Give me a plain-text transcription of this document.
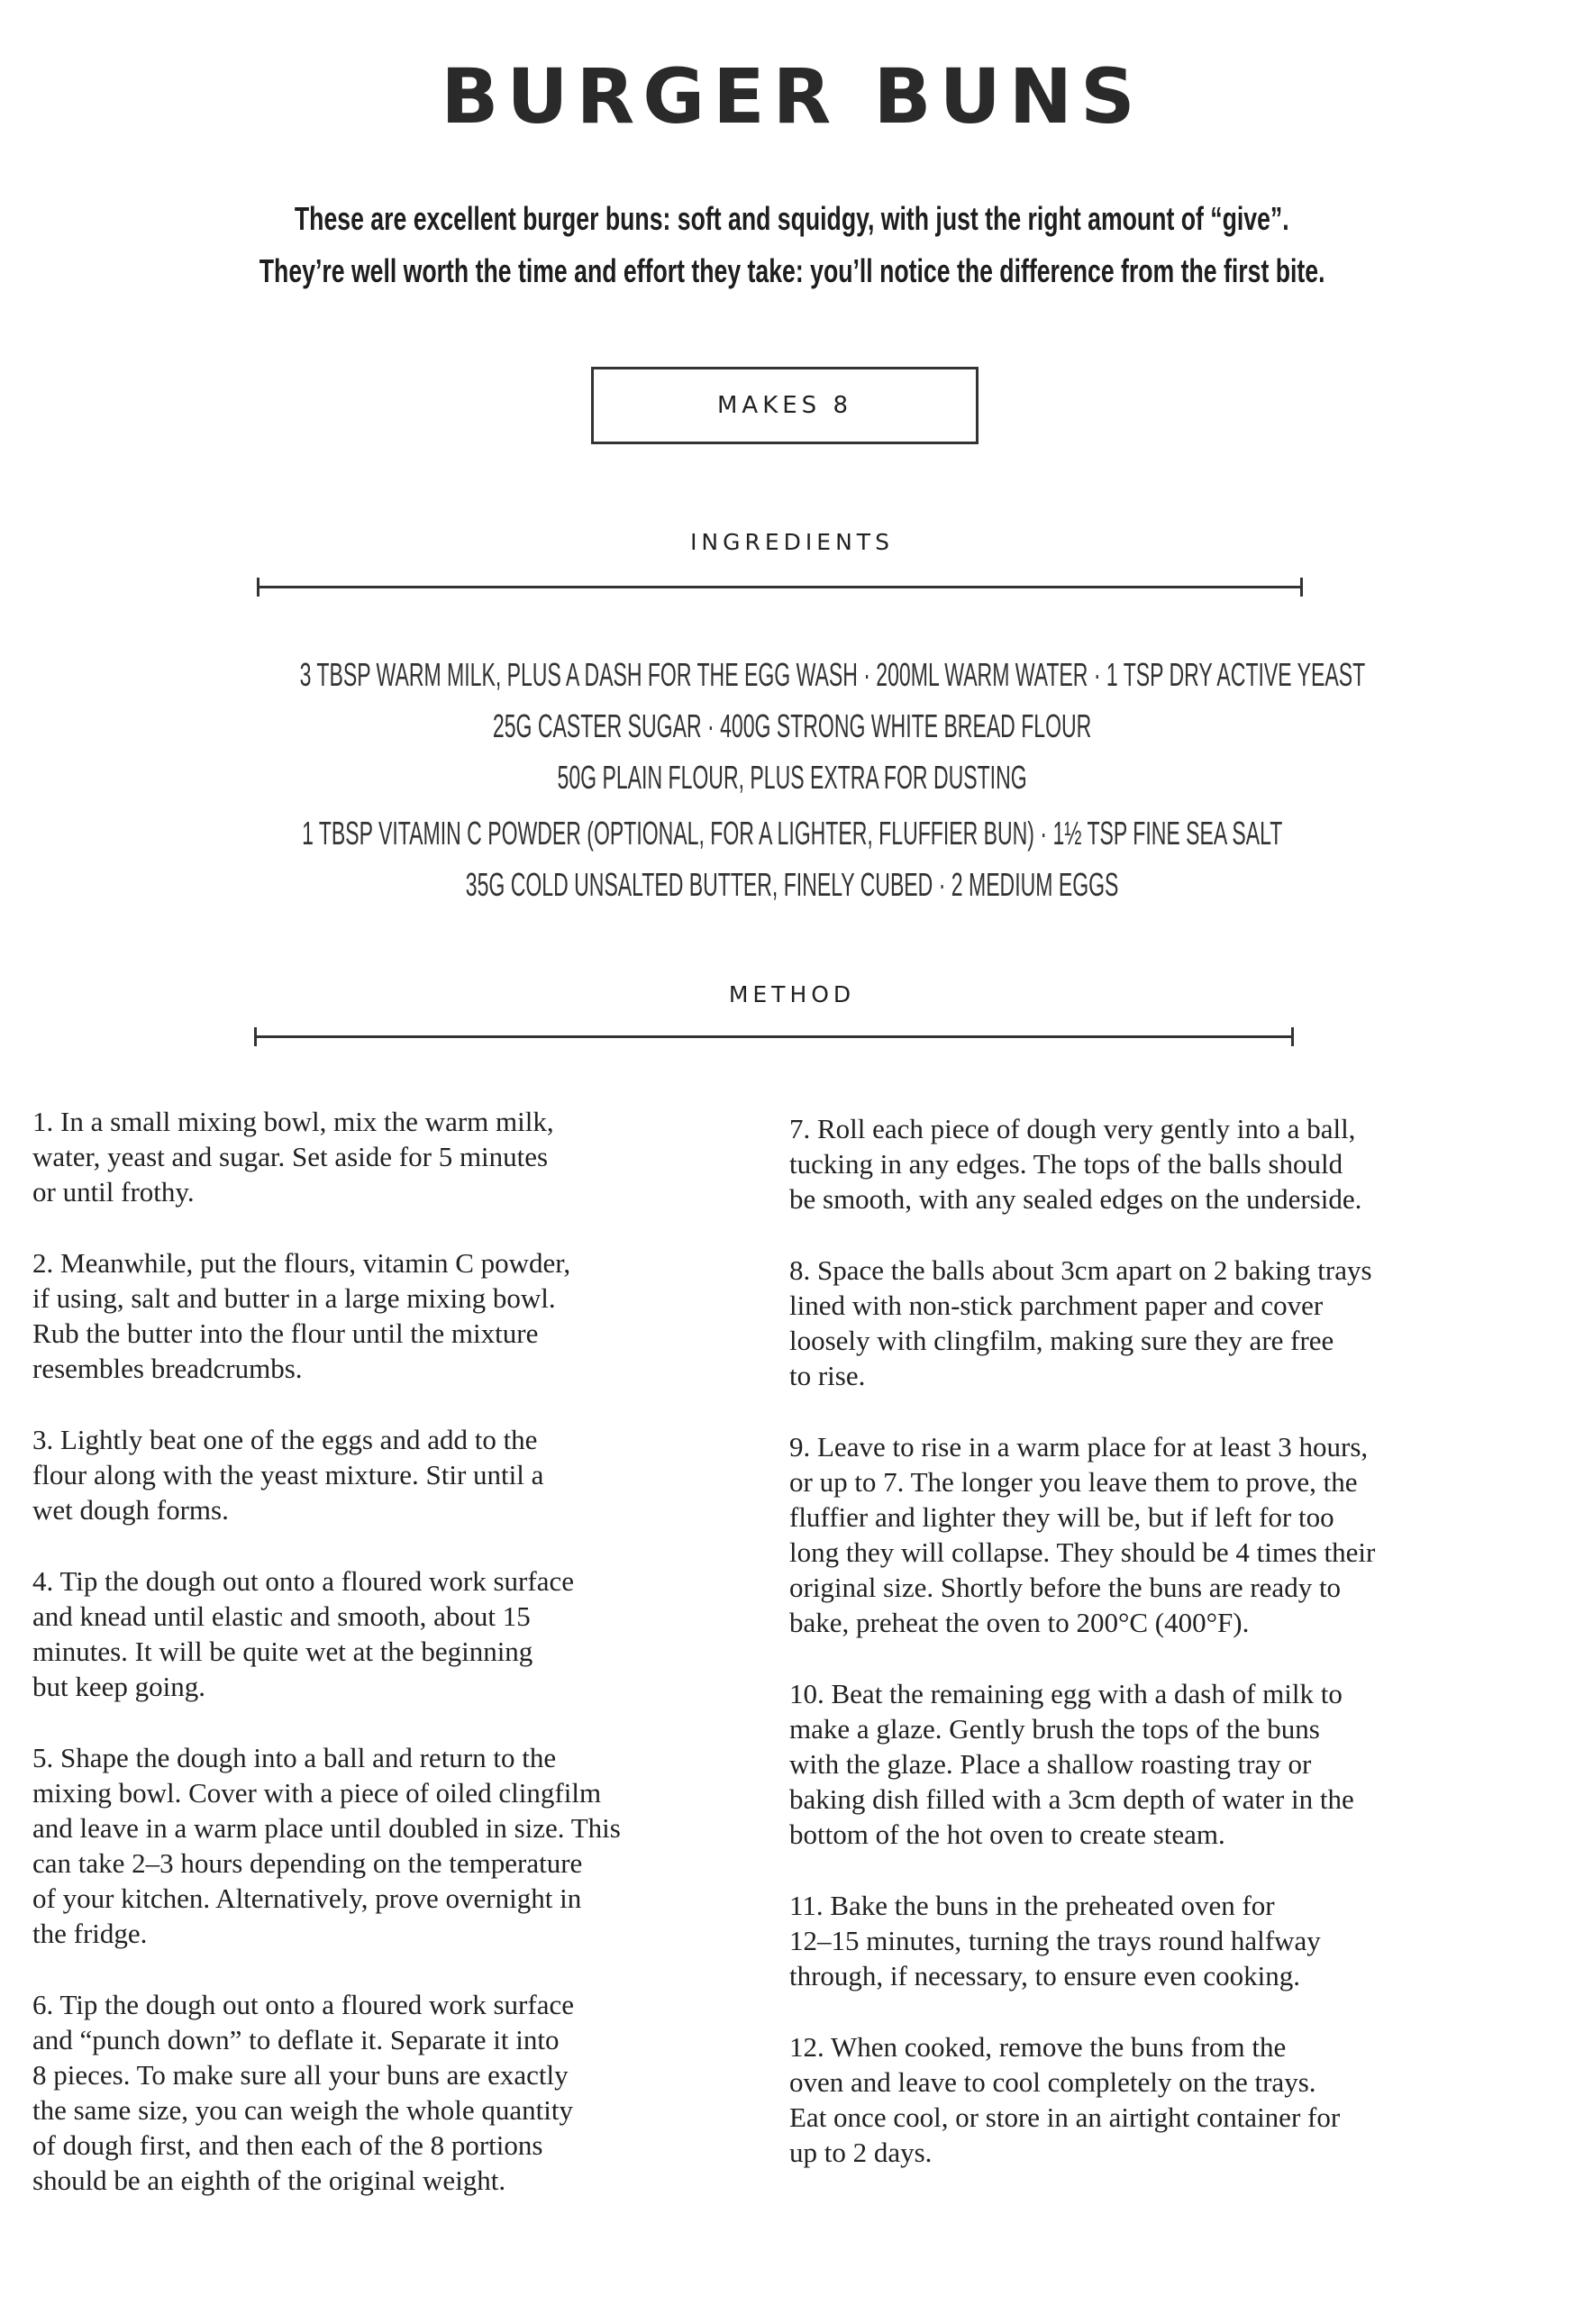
BURGER BUNS
These are excellent burger buns: soft and squidgy, with just the right amount of “give”.
They’re well worth the time and effort they take: you’ll notice the difference from the first bite.
MAKES 8
INGREDIENTS
3 TBSP WARM MILK, PLUS A DASH FOR THE EGG WASH · 200ML WARM WATER · 1 TSP DRY ACTIVE YEAST
25G CASTER SUGAR · 400G STRONG WHITE BREAD FLOUR
50G PLAIN FLOUR, PLUS EXTRA FOR DUSTING
1 TBSP VITAMIN C POWDER (OPTIONAL, FOR A LIGHTER, FLUFFIER BUN) · 1½ TSP FINE SEA SALT
35G COLD UNSALTED BUTTER, FINELY CUBED · 2 MEDIUM EGGS
METHOD

1. In a small mixing bowl, mix the warm milk,
water, yeast and sugar. Set aside for 5 minutes
or until frothy.

2. Meanwhile, put the flours, vitamin C powder,
if using, salt and butter in a large mixing bowl.
Rub the butter into the flour until the mixture
resembles breadcrumbs.

3. Lightly beat one of the eggs and add to the
flour along with the yeast mixture. Stir until a
wet dough forms.

4. Tip the dough out onto a floured work surface
and knead until elastic and smooth, about 15
minutes. It will be quite wet at the beginning
but keep going.

5. Shape the dough into a ball and return to the
mixing bowl. Cover with a piece of oiled clingfilm
and leave in a warm place until doubled in size. This
can take 2–3 hours depending on the temperature
of your kitchen. Alternatively, prove overnight in
the fridge.

6. Tip the dough out onto a floured work surface
and “punch down” to deflate it. Separate it into
8 pieces. To make sure all your buns are exactly
the same size, you can weigh the whole quantity
of dough first, and then each of the 8 portions
should be an eighth of the original weight.

7. Roll each piece of dough very gently into a ball,
tucking in any edges. The tops of the balls should
be smooth, with any sealed edges on the underside.

8. Space the balls about 3cm apart on 2 baking trays
lined with non-stick parchment paper and cover
loosely with clingfilm, making sure they are free
to rise.

9. Leave to rise in a warm place for at least 3 hours,
or up to 7. The longer you leave them to prove, the
fluffier and lighter they will be, but if left for too
long they will collapse. They should be 4 times their
original size. Shortly before the buns are ready to
bake, preheat the oven to 200°C (400°F).

10. Beat the remaining egg with a dash of milk to
make a glaze. Gently brush the tops of the buns
with the glaze. Place a shallow roasting tray or
baking dish filled with a 3cm depth of water in the
bottom of the hot oven to create steam.

11. Bake the buns in the preheated oven for
12–15 minutes, turning the trays round halfway
through, if necessary, to ensure even cooking.

12. When cooked, remove the buns from the
oven and leave to cool completely on the trays.
Eat once cool, or store in an airtight container for
up to 2 days.
